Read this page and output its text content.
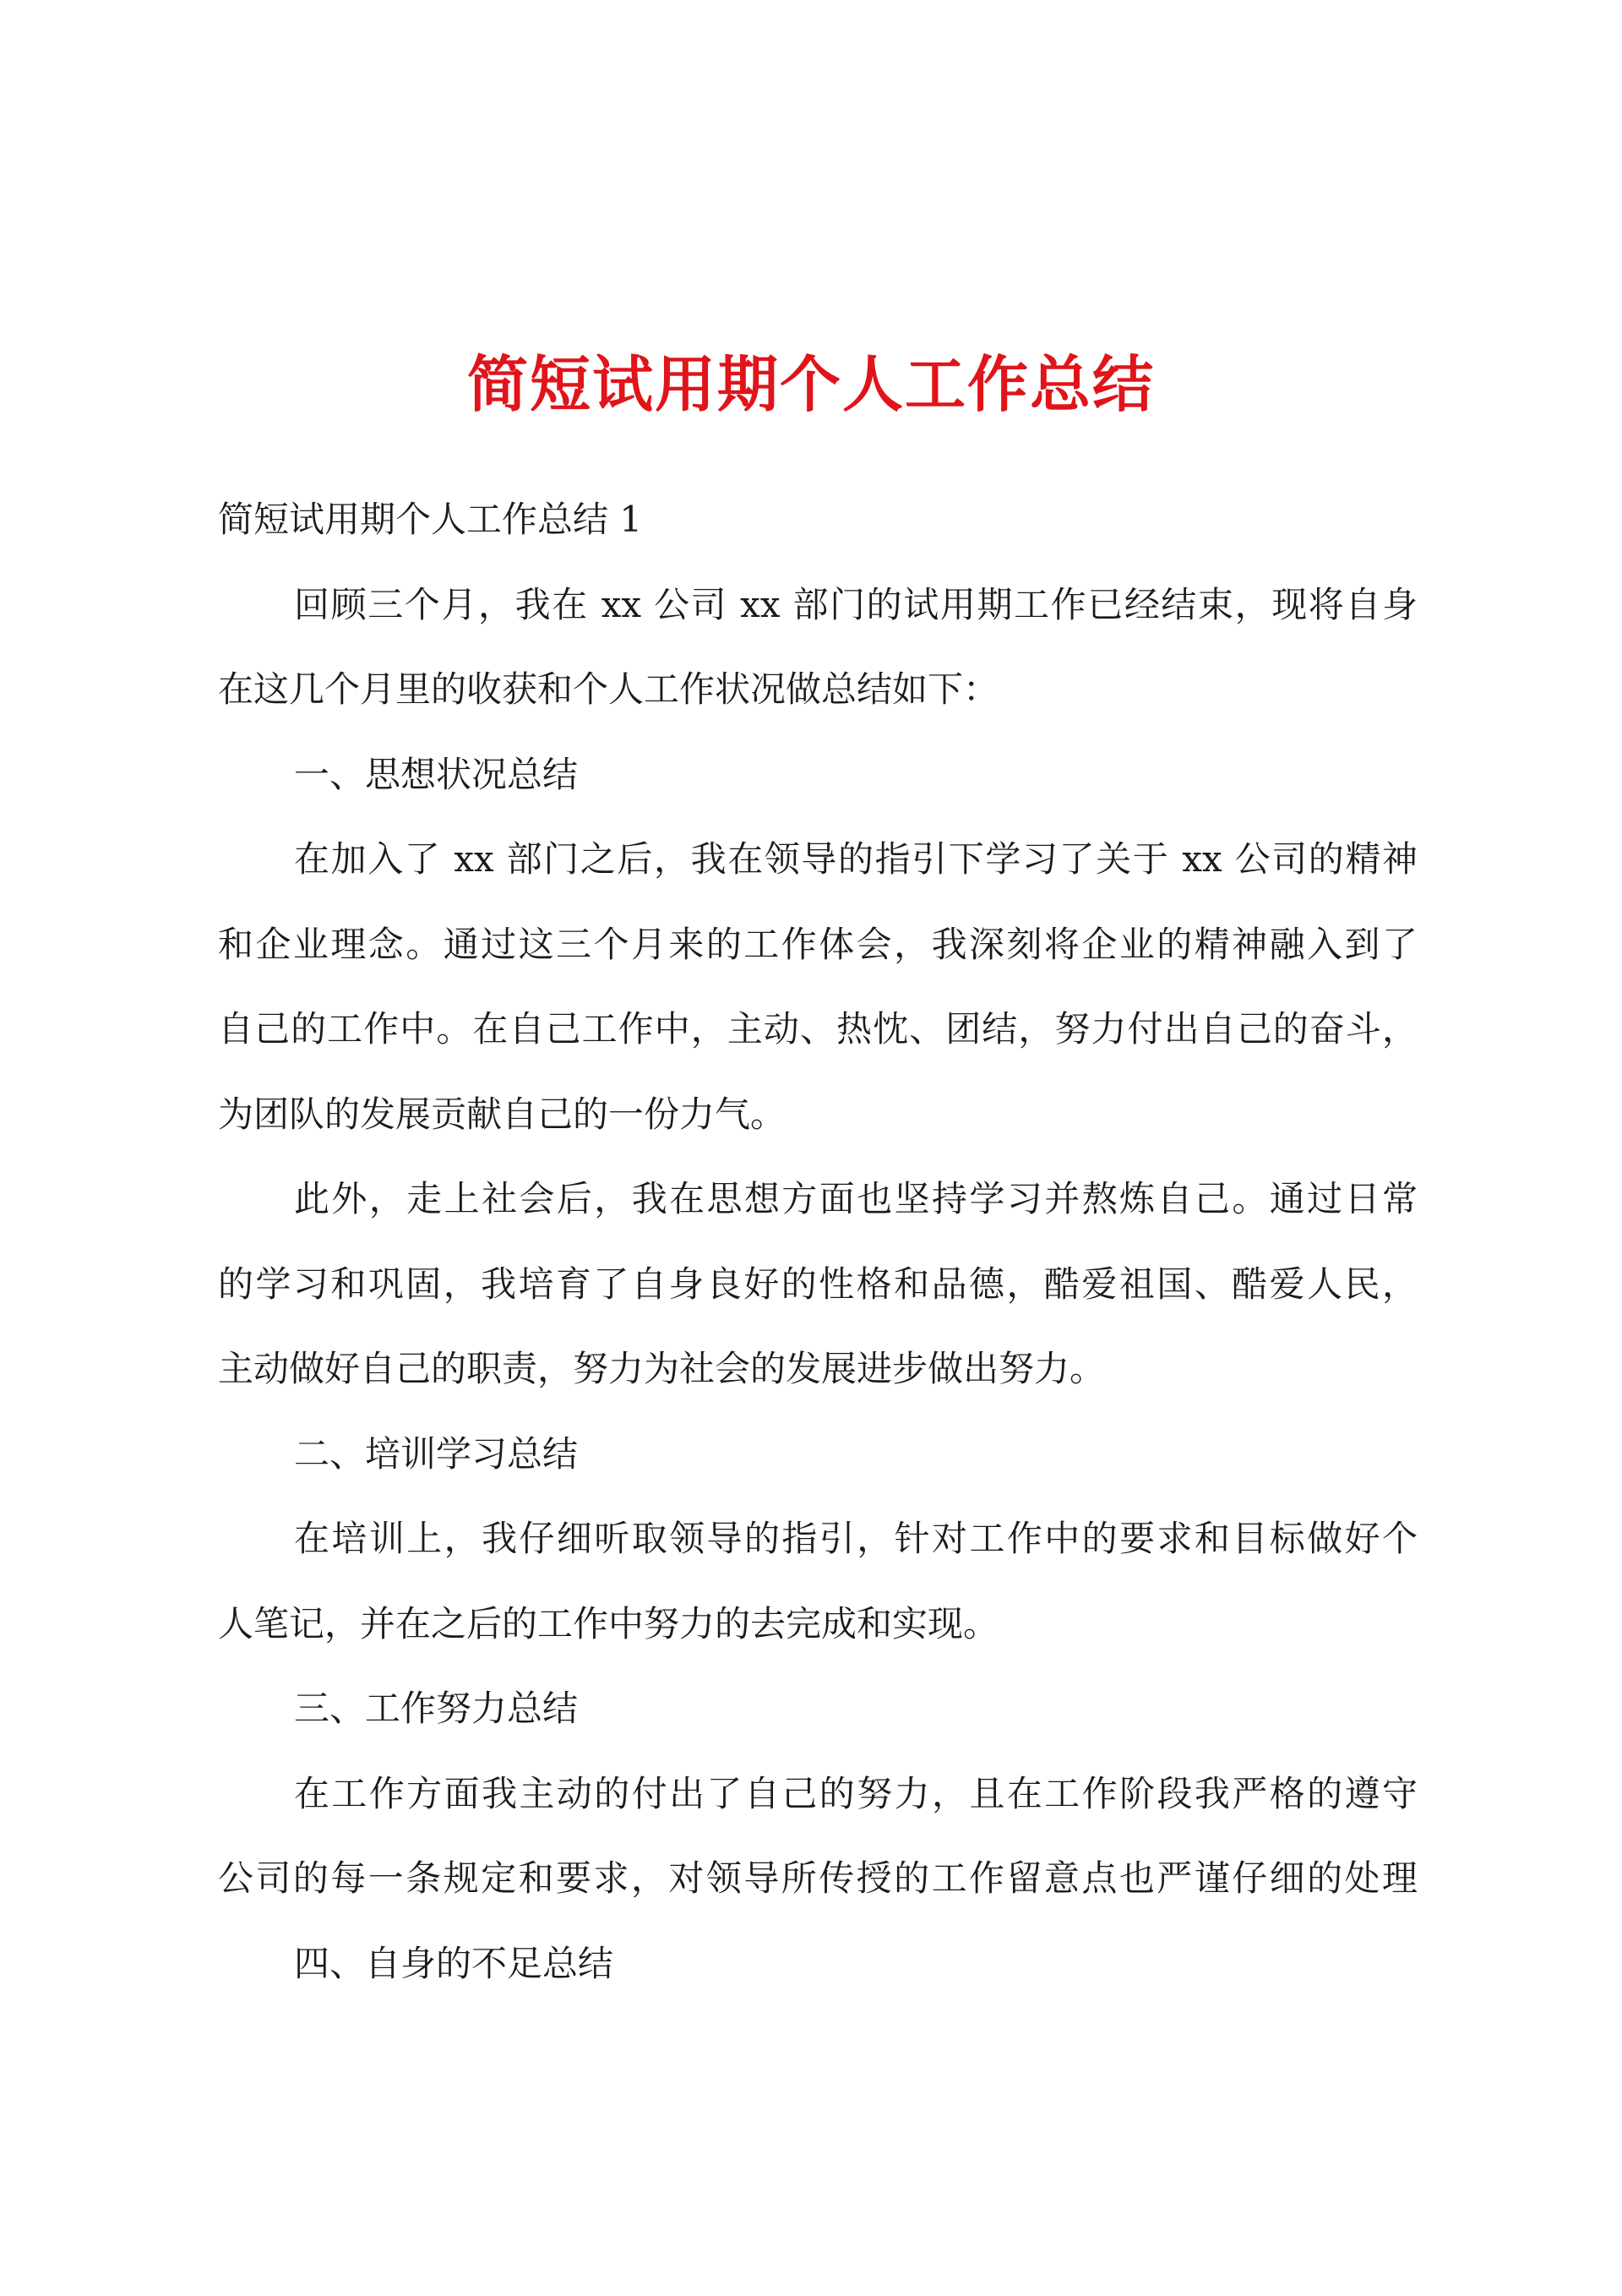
简短试用期个人工作总结

简短试用期个人工作总结 1

回顾三个月，我在 xx 公司 xx 部门的试用期工作已经结束，现将自身

在这几个月里的收获和个人工作状况做总结如下：

一、思想状况总结

在加入了 xx 部门之后，我在领导的指引下学习了关于 xx 公司的精神

和企业理念。通过这三个月来的工作体会，我深刻将企业的精神融入到了

自己的工作中。在自己工作中，主动、热忱、团结，努力付出自己的奋斗，

为团队的发展贡献自己的一份力气。

此外，走上社会后，我在思想方面也坚持学习并熬炼自己。通过日常

的学习和巩固，我培育了自身良好的性格和品德，酷爱祖国、酷爱人民，

主动做好自己的职责，努力为社会的发展进步做出努力。

二、培训学习总结

在培训上，我仔细听取领导的指引，针对工作中的要求和目标做好个

人笔记，并在之后的工作中努力的去完成和实现。

三、工作努力总结

在工作方面我主动的付出了自己的努力，且在工作阶段我严格的遵守

公司的每一条规定和要求，对领导所传授的工作留意点也严谨仔细的处理

四、自身的不足总结
